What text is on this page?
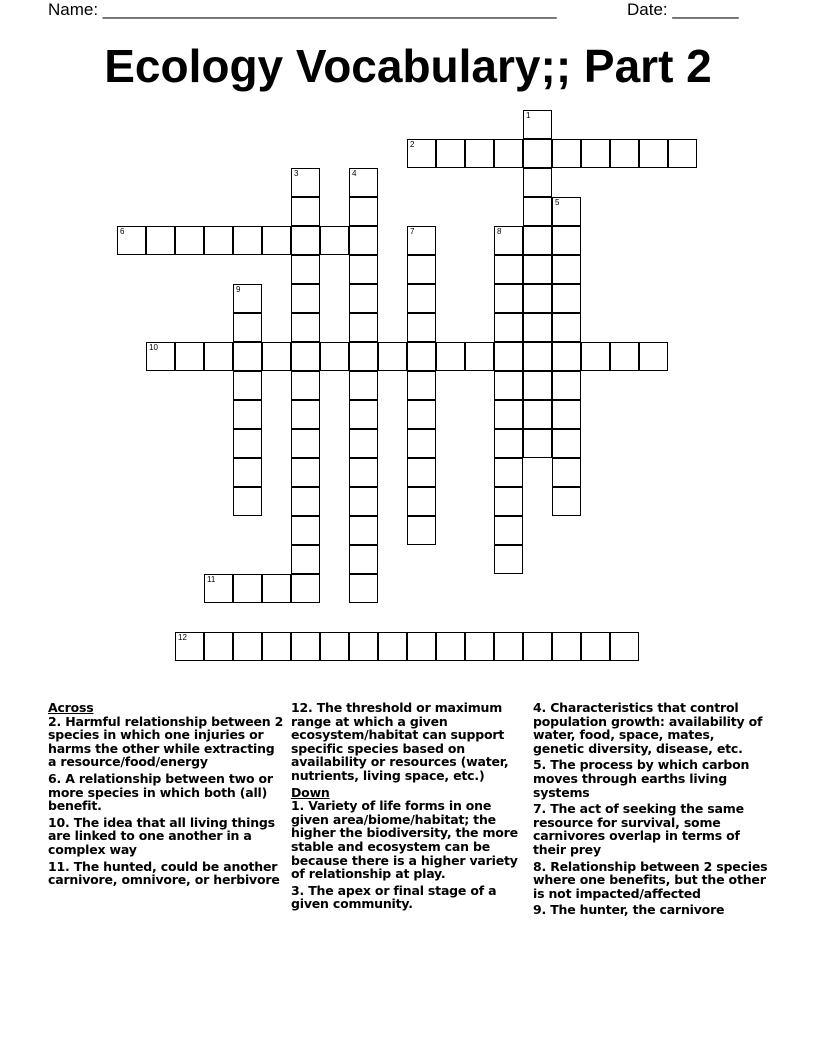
Name: ________________________________________________	Date: _______
Ecology Vocabulary;; Part 2
1
2
3	4
5
6	7	8
9
10
11
12
Across
2. Harmful relationship between 2 species in which one injuries or harms the other while extracting a resource/food/energy
6. A relationship between two or more species in which both (all) benefit.
10. The idea that all living things are linked to one another in a complex way
11. The hunted, could be another carnivore, omnivore, or herbivore
12. The threshold or maximum range at which a given ecosystem/habitat can support specific species based on availability or resources (water, nutrients, living space, etc.)
Down
1. Variety of life forms in one given area/biome/habitat; the higher the biodiversity, the more stable and ecosystem can be because there is a higher variety of relationship at play.
3. The apex or final stage of a given community.
4. Characteristics that control population growth: availability of water, food, space, mates, genetic diversity, disease, etc.
5. The process by which carbon moves through earths living systems
7. The act of seeking the same resource for survival, some carnivores overlap in terms of their prey
8. Relationship between 2 species where one benefits, but the other is not impacted/affected
9. The hunter, the carnivore
